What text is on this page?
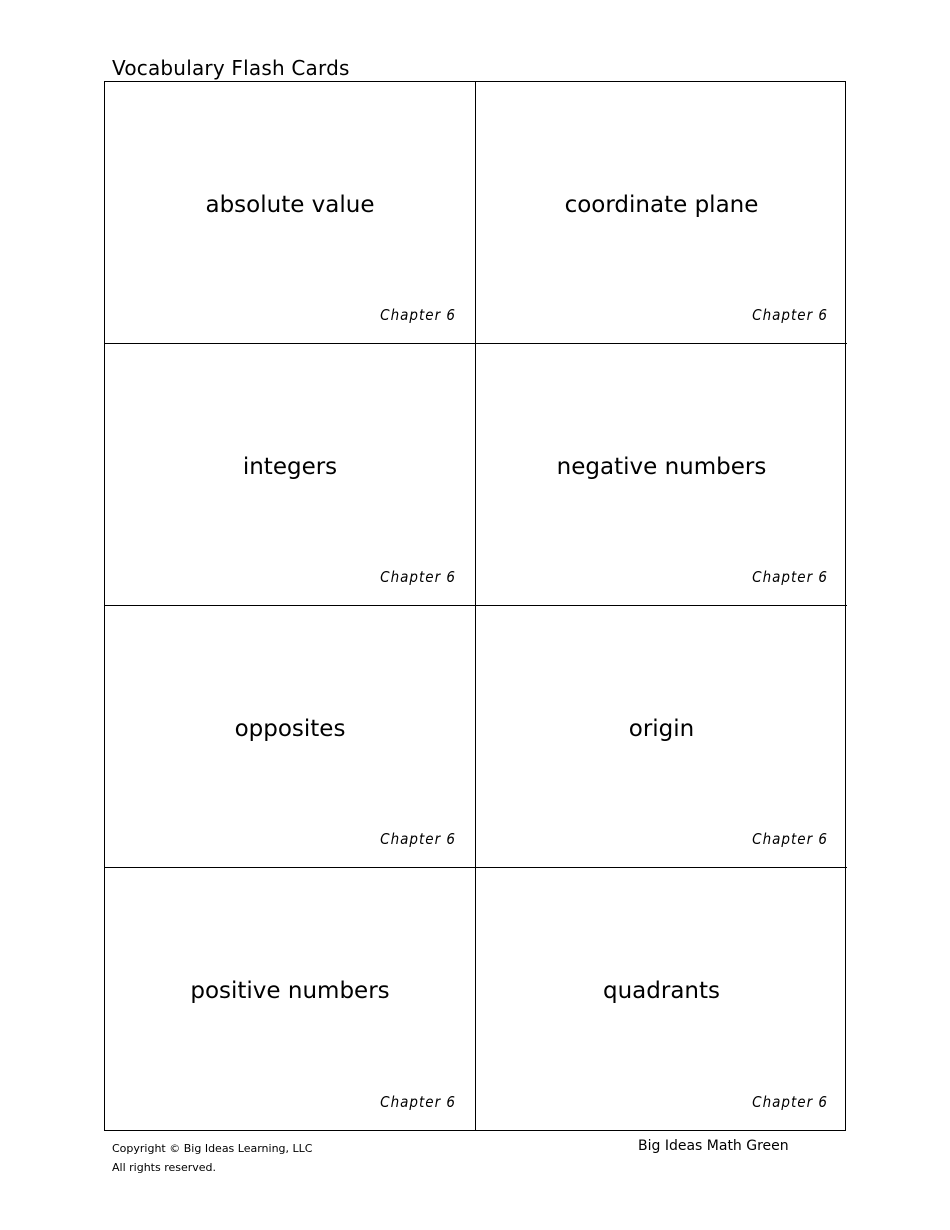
Vocabulary Flash Cards
absolute value
Chapter 6
coordinate plane
Chapter 6
integers
Chapter 6
negative numbers
Chapter 6
opposites
Chapter 6
origin
Chapter 6
positive numbers
Chapter 6
quadrants
Chapter 6
Copyright © Big Ideas Learning, LLC
All rights reserved.
Big Ideas Math Green
